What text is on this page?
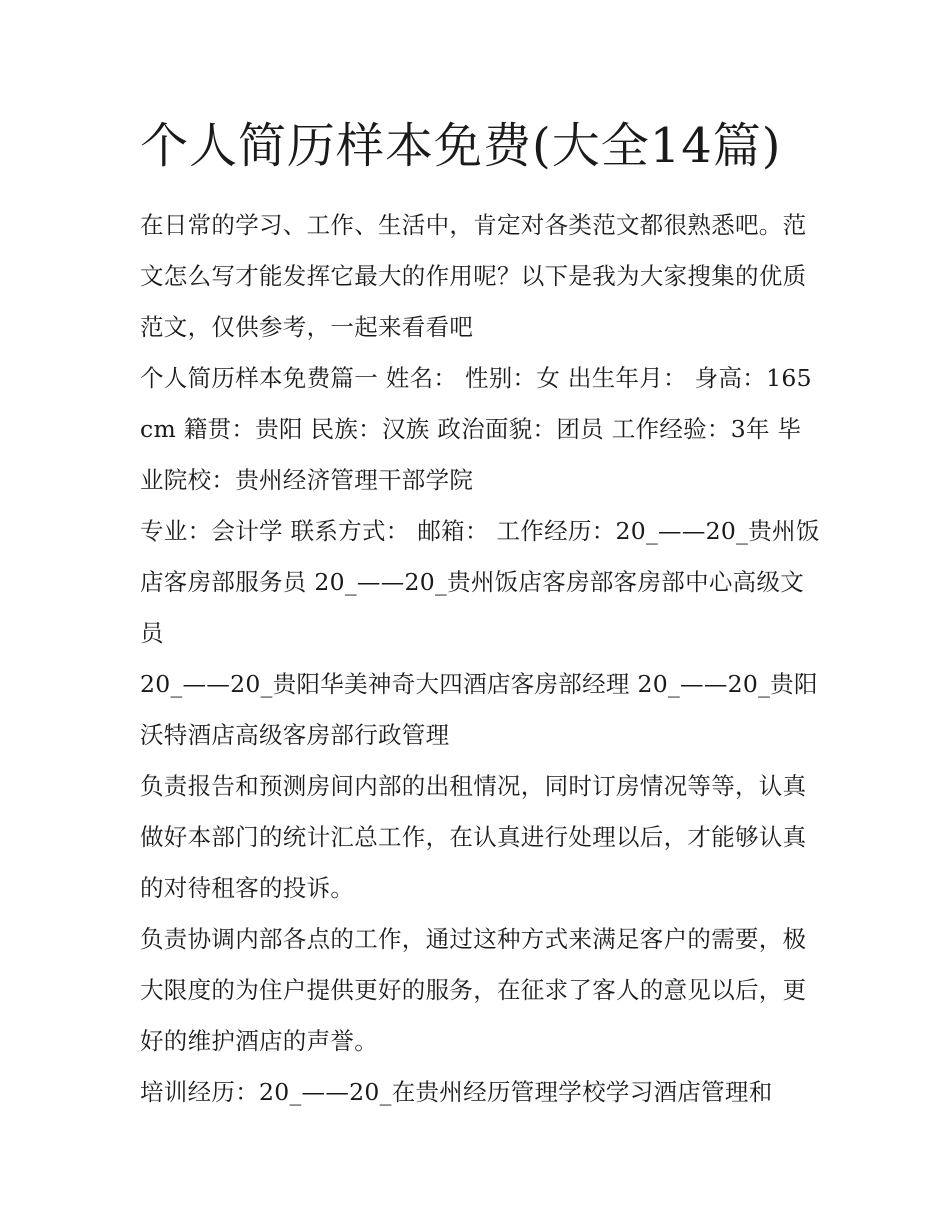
个人简历样本免费(大全14篇)

在日常的学习、工作、生活中，肯定对各类范文都很熟悉吧。范文怎么写才能发挥它最大的作用呢？以下是我为大家搜集的优质范文，仅供参考，一起来看看吧

个人简历样本免费篇一 姓名： 性别：女 出生年月： 身高：165cm 籍贯：贵阳 民族：汉族 政治面貌：团员 工作经验：3年 毕业院校：贵州经济管理干部学院

专业：会计学 联系方式： 邮箱： 工作经历：20_——20_贵州饭店客房部服务员 20_——20_贵州饭店客房部客房部中心高级文员

20_——20_贵阳华美神奇大四酒店客房部经理 20_——20_贵阳沃特酒店高级客房部行政管理

负责报告和预测房间内部的出租情况，同时订房情况等等，认真做好本部门的统计汇总工作，在认真进行处理以后，才能够认真的对待租客的投诉。

负责协调内部各点的工作，通过这种方式来满足客户的需要，极大限度的为住户提供更好的服务，在征求了客人的意见以后，更好的维护酒店的声誉。

培训经历：20_——20_在贵州经历管理学校学习酒店管理和
